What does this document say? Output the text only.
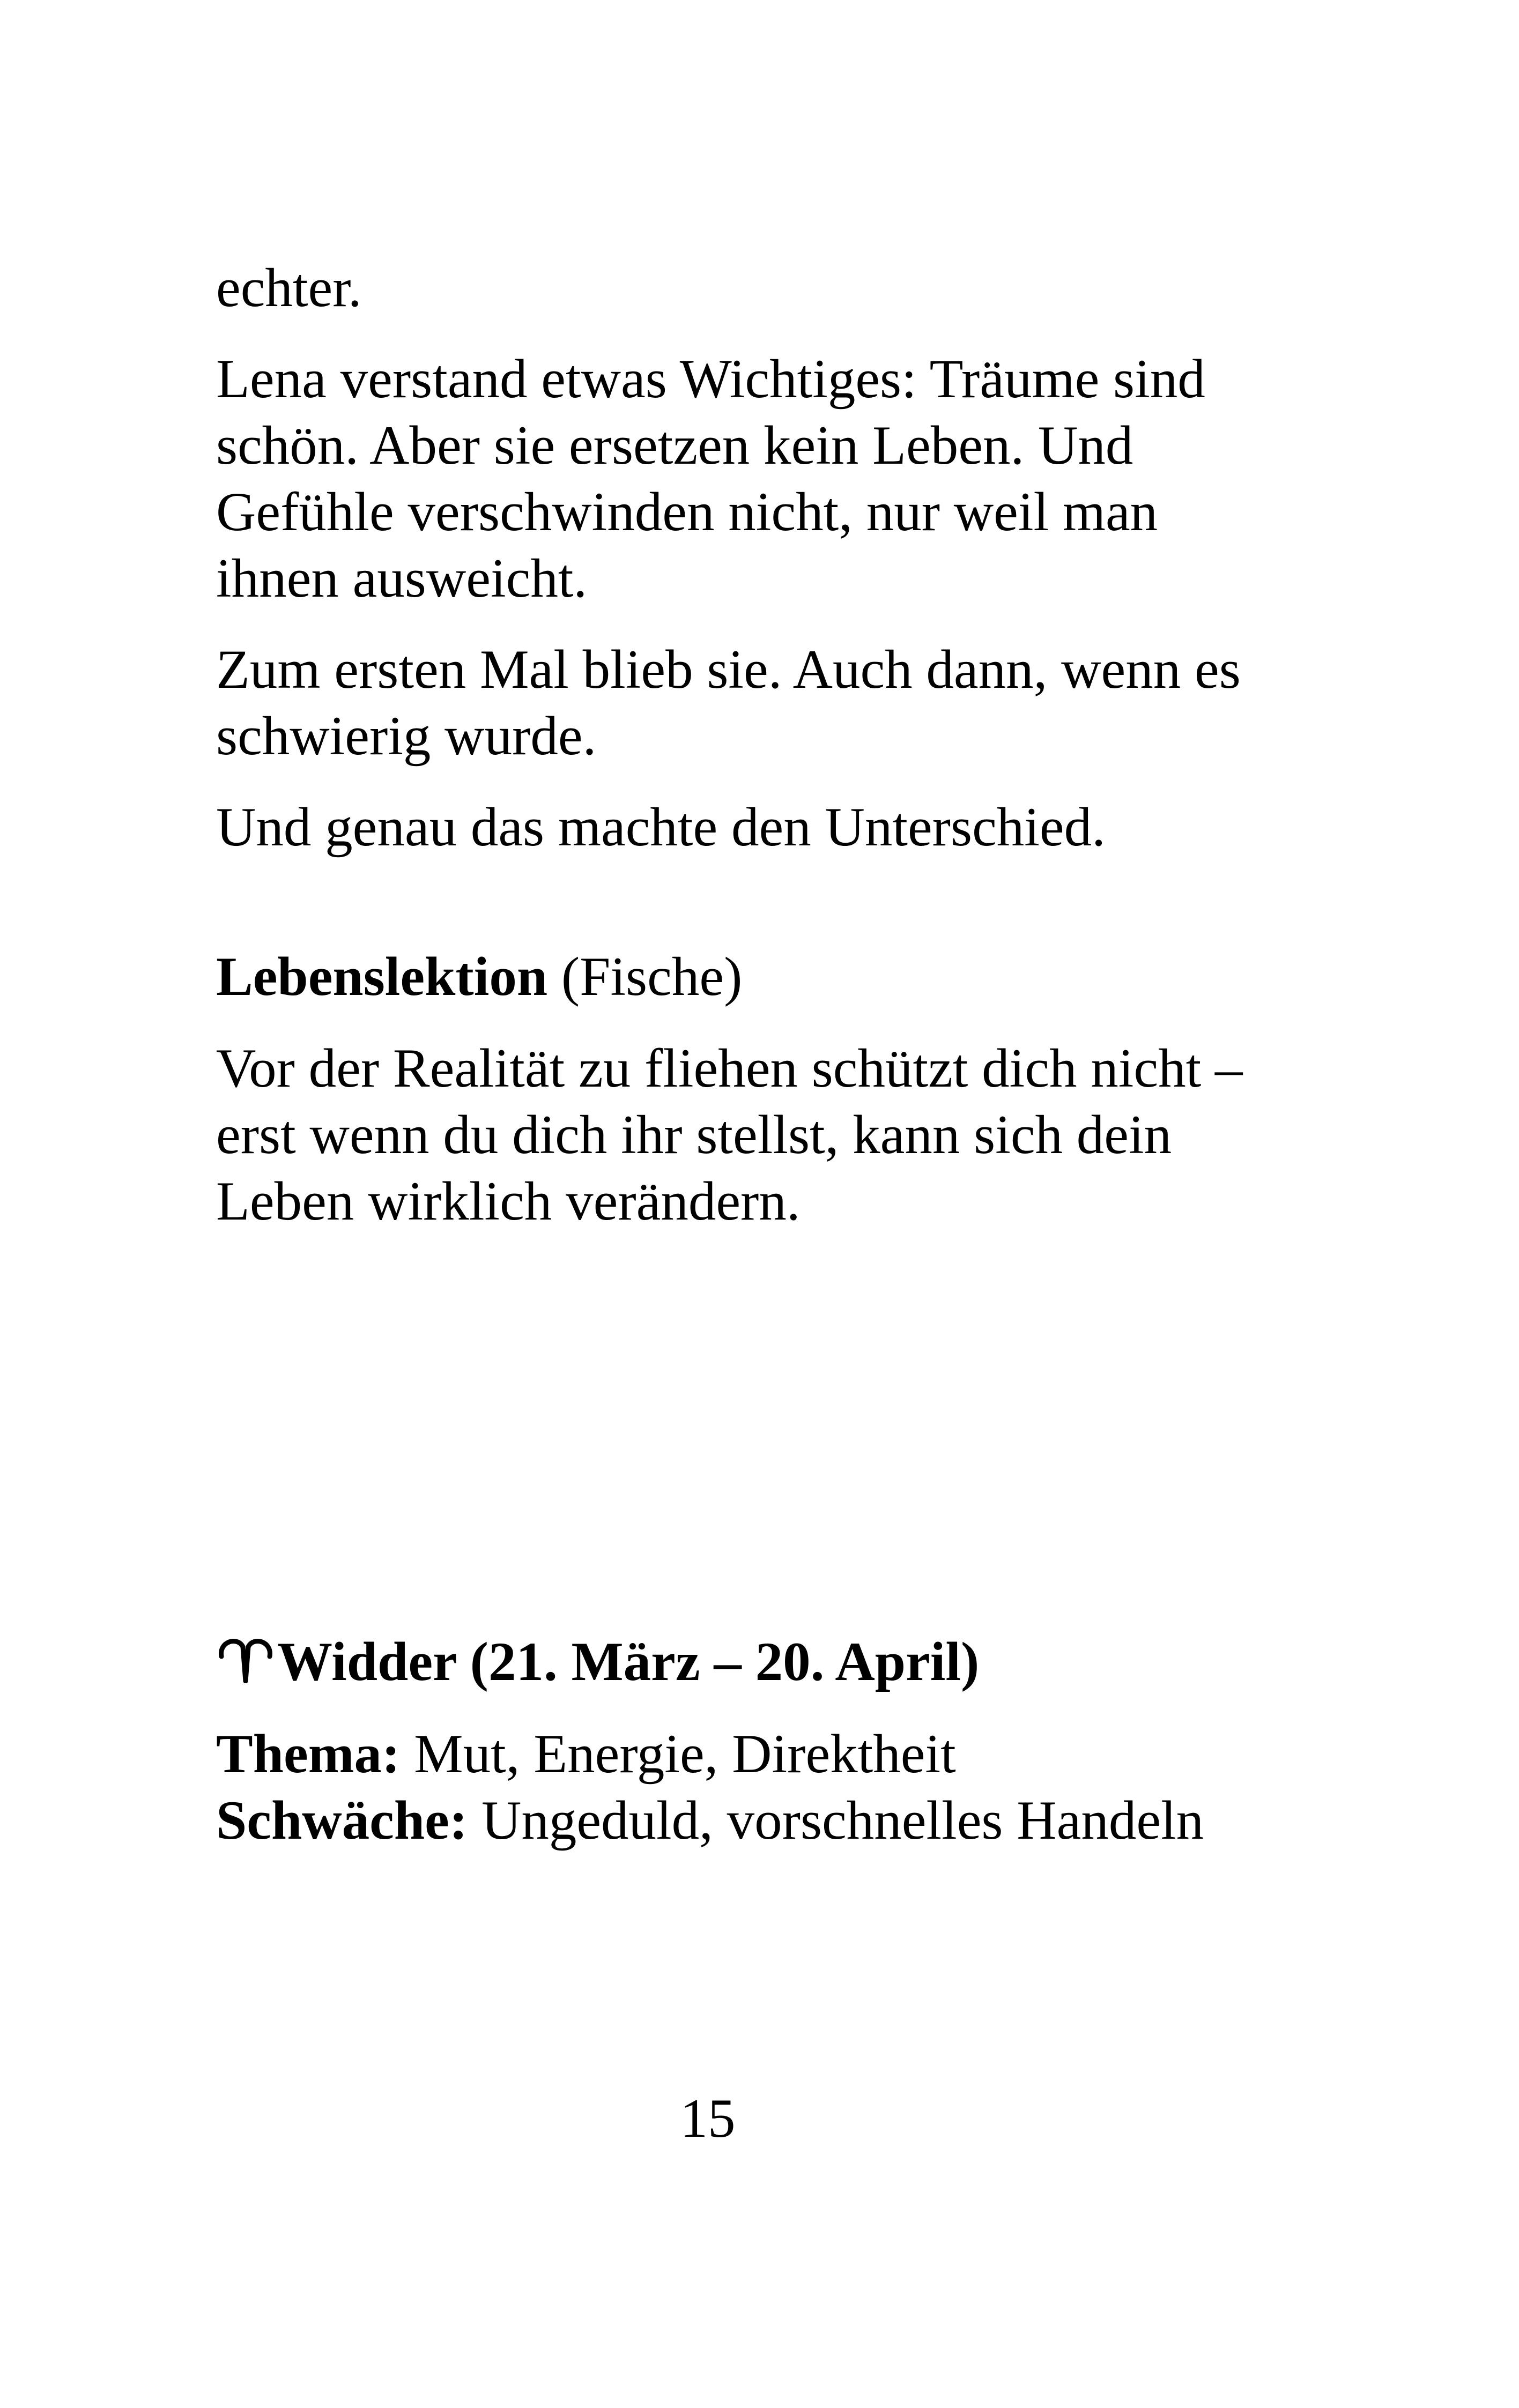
echter.

Lena verstand etwas Wichtiges: Träume sind

schön. Aber sie ersetzen kein Leben. Und

Gefühle verschwinden nicht, nur weil man

ihnen ausweicht.

Zum ersten Mal blieb sie. Auch dann, wenn es

schwierig wurde.

Und genau das machte den Unterschied.

Lebenslektion (Fische)

Vor der Realität zu fliehen schützt dich nicht –

erst wenn du dich ihr stellst, kann sich dein

Leben wirklich verändern.

Widder (21. März – 20. April)

Thema: Mut, Energie, Direktheit

Schwäche: Ungeduld, vorschnelles Handeln

15
